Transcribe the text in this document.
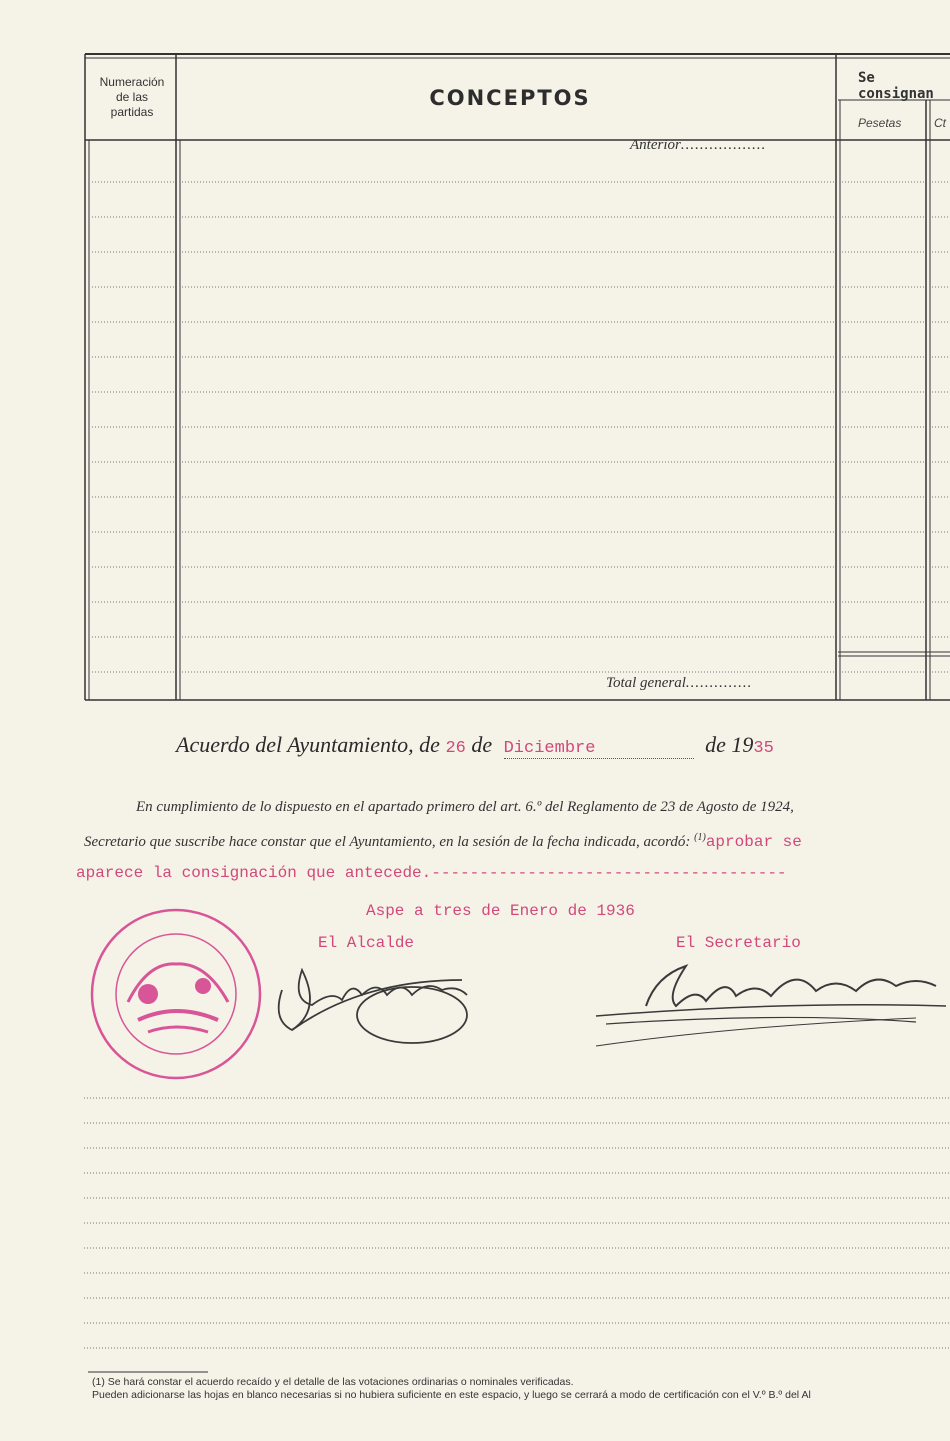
Numeración
de las
partidas
CONCEPTOS
Se consignan
Pesetas	Ct
Anterior..................
Total general..............
Acuerdo del Ayuntamiento, de 26 de Diciembre	de 1935
En cumplimiento de lo dispuesto en el apartado primero del art. 6.º del Reglamento de 23 de Agosto de 1924,
Secretario que suscribe hace constar que el Ayuntamiento, en la sesión de la fecha indicada, acordó: $^{(1)}$aprobar se
aparece la consignación que antecede.-------------------------------------
Aspe a tres de Enero de 1936
El Alcalde	El Secretario
(1) Se hará constar el acuerdo recaído y el detalle de las votaciones ordinarias o nominales verificadas.
Pueden adicionarse las hojas en blanco necesarias si no hubiera suficiente en este espacio, y luego se cerrará a modo de certificación con el V.º B.º del Al
